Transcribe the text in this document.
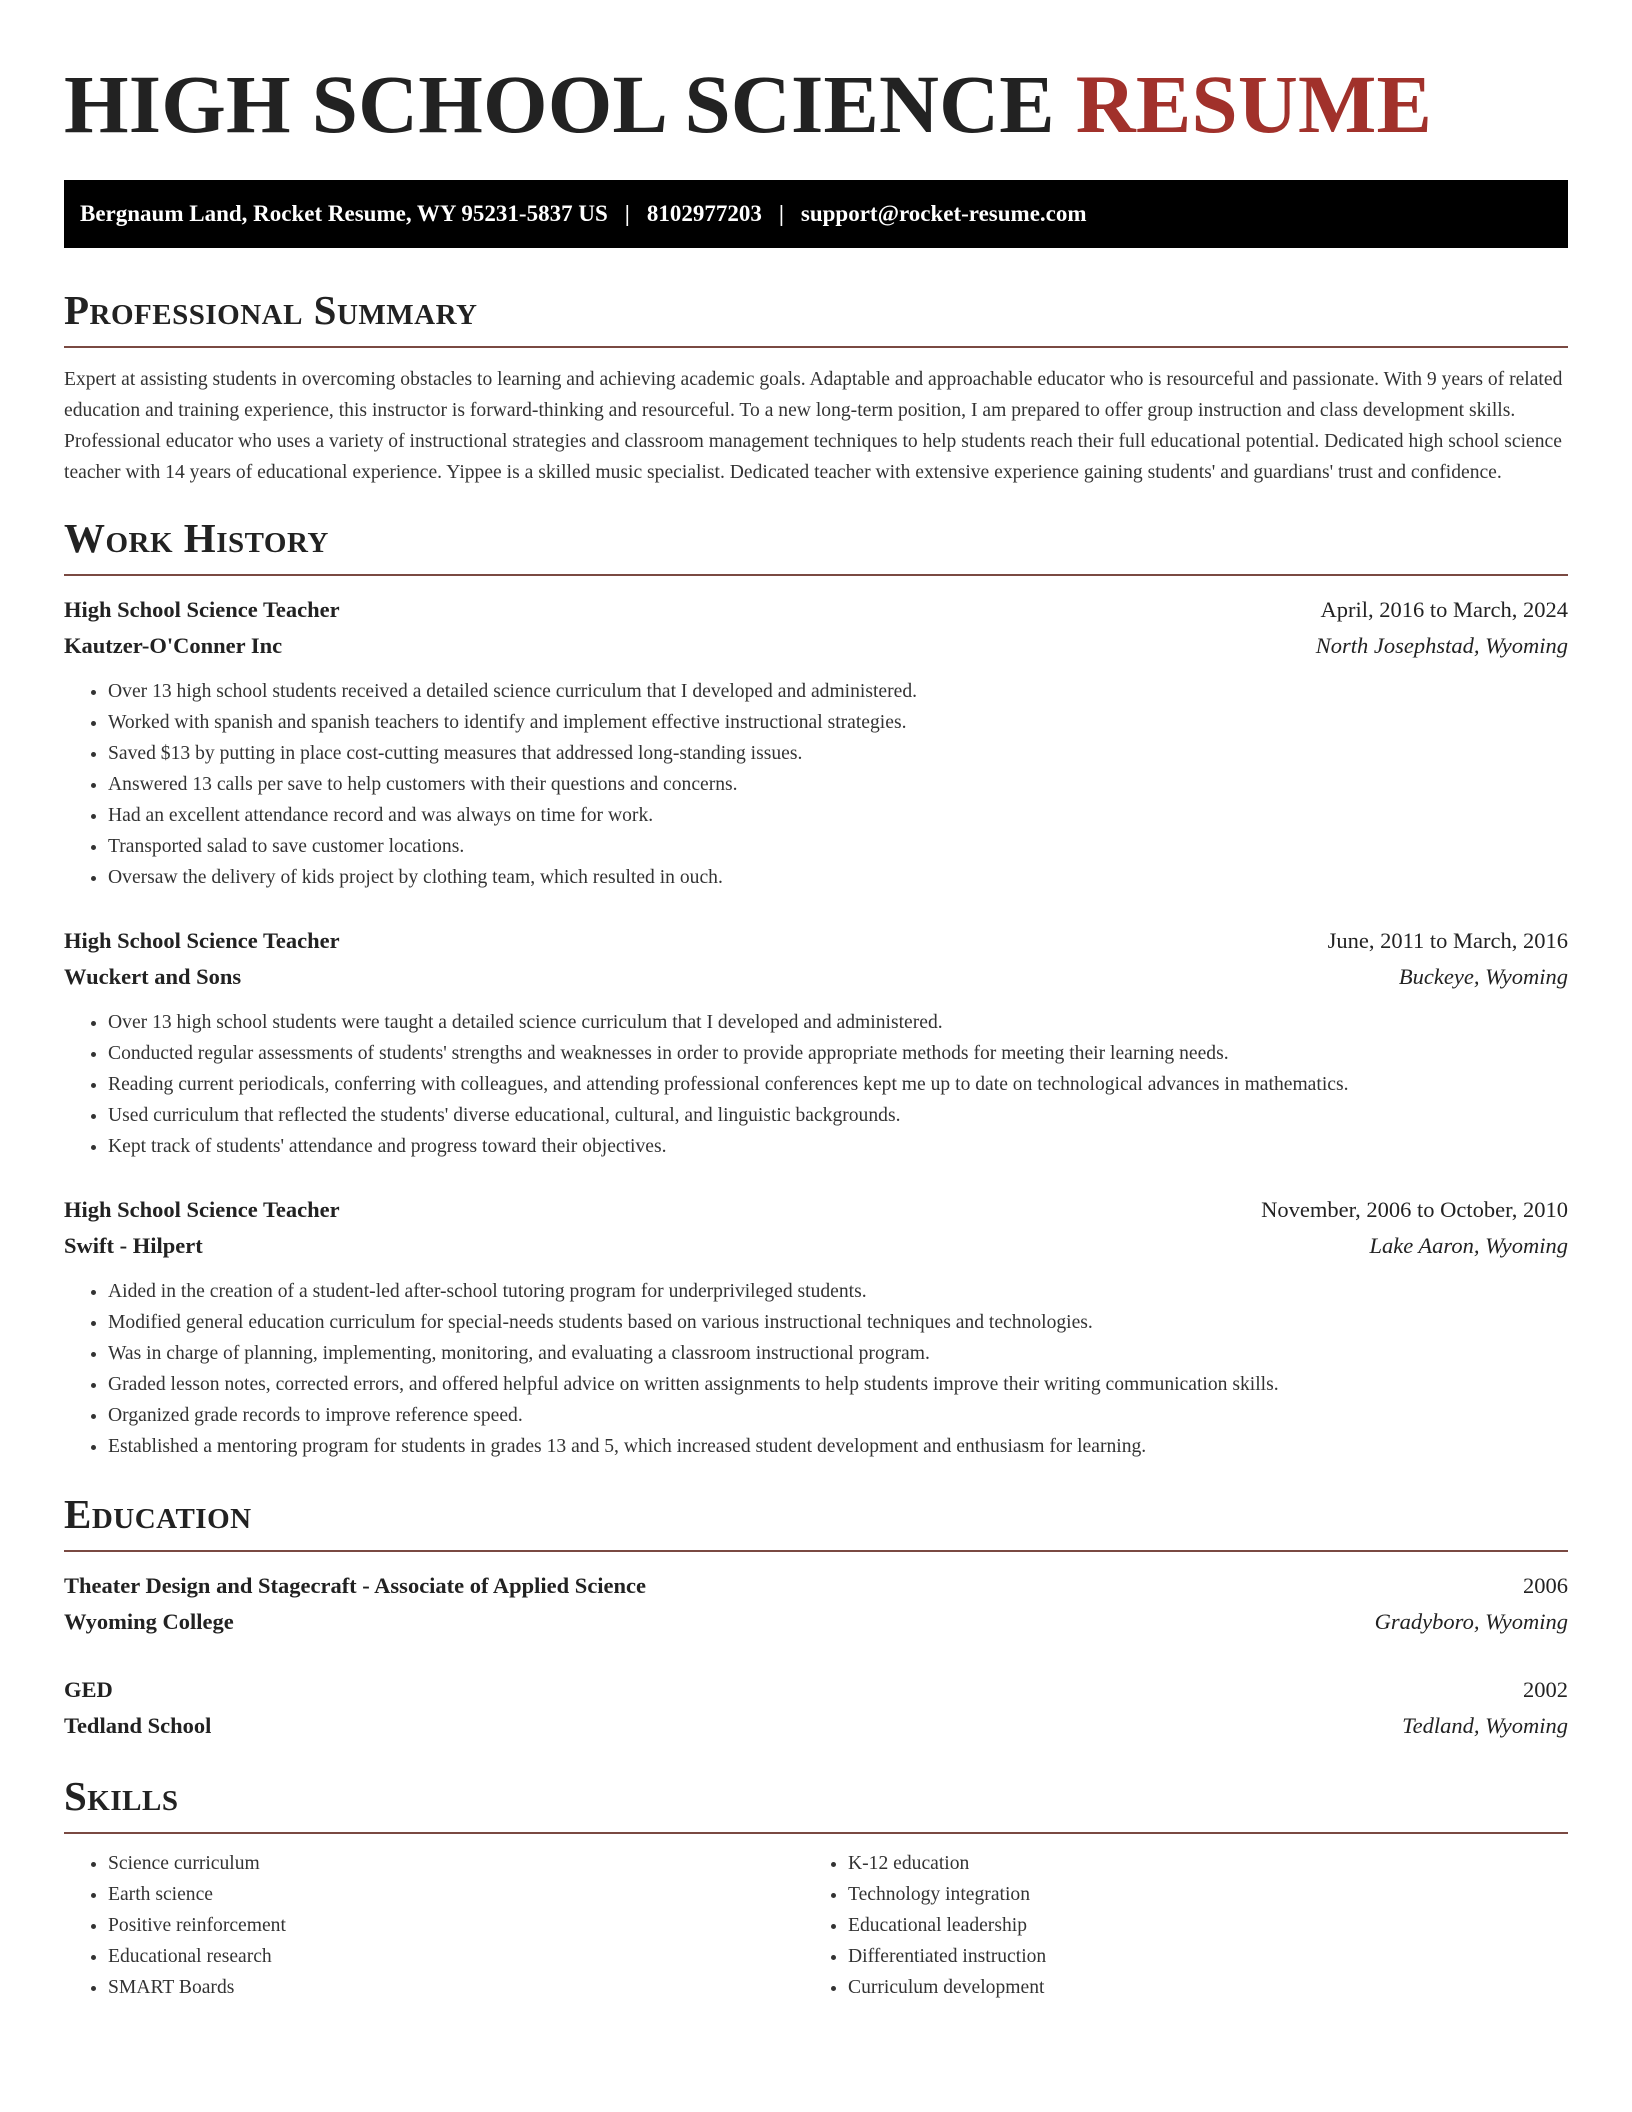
HIGH SCHOOL SCIENCE RESUME
Bergnaum Land, Rocket Resume, WY 95231-5837 US | 8102977203 | support@rocket-resume.com
Professional Summary

Expert at assisting students in overcoming obstacles to learning and achieving academic goals. Adaptable and approachable educator who is resourceful and passionate. With 9 years of related education and training experience, this instructor is forward-thinking and resourceful. To a new long-term position, I am prepared to offer group instruction and class development skills. Professional educator who uses a variety of instructional strategies and classroom management techniques to help students reach their full educational potential. Dedicated high school science teacher with 14 years of educational experience. Yippee is a skilled music specialist. Dedicated teacher with extensive experience gaining students' and guardians' trust and confidence.

Work History
High School Science Teacher	April, 2016 to March, 2024
Kautzer-O'Conner Inc	North Josephstad, Wyoming
• Over 13 high school students received a detailed science curriculum that I developed and administered.
• Worked with spanish and spanish teachers to identify and implement effective instructional strategies.
• Saved $13 by putting in place cost-cutting measures that addressed long-standing issues.
• Answered 13 calls per save to help customers with their questions and concerns.
• Had an excellent attendance record and was always on time for work.
• Transported salad to save customer locations.
• Oversaw the delivery of kids project by clothing team, which resulted in ouch.
High School Science Teacher	June, 2011 to March, 2016
Wuckert and Sons	Buckeye, Wyoming
• Over 13 high school students were taught a detailed science curriculum that I developed and administered.
• Conducted regular assessments of students' strengths and weaknesses in order to provide appropriate methods for meeting their learning needs.
• Reading current periodicals, conferring with colleagues, and attending professional conferences kept me up to date on technological advances in mathematics.
• Used curriculum that reflected the students' diverse educational, cultural, and linguistic backgrounds.
• Kept track of students' attendance and progress toward their objectives.
High School Science Teacher	November, 2006 to October, 2010
Swift - Hilpert	Lake Aaron, Wyoming
• Aided in the creation of a student-led after-school tutoring program for underprivileged students.
• Modified general education curriculum for special-needs students based on various instructional techniques and technologies.
• Was in charge of planning, implementing, monitoring, and evaluating a classroom instructional program.
• Graded lesson notes, corrected errors, and offered helpful advice on written assignments to help students improve their writing communication skills.
• Organized grade records to improve reference speed.
• Established a mentoring program for students in grades 13 and 5, which increased student development and enthusiasm for learning.
Education
Theater Design and Stagecraft - Associate of Applied Science	2006
Wyoming College	Gradyboro, Wyoming
GED	2002
Tedland School	Tedland, Wyoming
Skills
• Science curriculum
• Earth science
• Positive reinforcement
• Educational research
• SMART Boards
• K-12 education
• Technology integration
• Educational leadership
• Differentiated instruction
• Curriculum development
